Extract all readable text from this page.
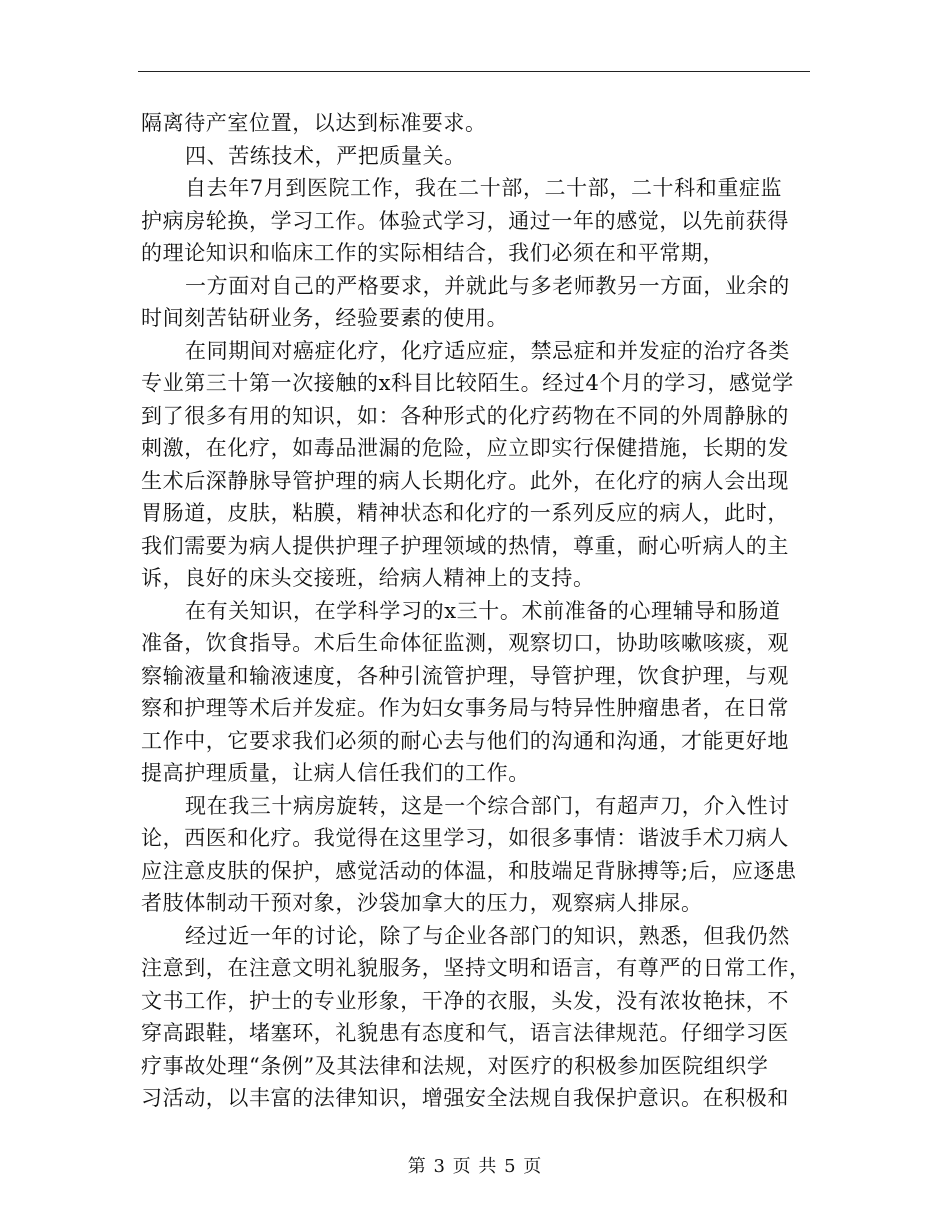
隔离待产室位置，以达到标准要求。
四、苦练技术，严把质量关。
自去年7月到医院工作，我在二十部，二十部，二十科和重症监
护病房轮换，学习工作。体验式学习，通过一年的感觉，以先前获得
的理论知识和临床工作的实际相结合，我们必须在和平常期，
一方面对自己的严格要求，并就此与多老师教另一方面，业余的
时间刻苦钻研业务，经验要素的使用。
在同期间对癌症化疗，化疗适应症，禁忌症和并发症的治疗各类
专业第三十第一次接触的x科目比较陌生。经过4个月的学习，感觉学
到了很多有用的知识，如：各种形式的化疗药物在不同的外周静脉的
刺激，在化疗，如毒品泄漏的危险，应立即实行保健措施，长期的发
生术后深静脉导管护理的病人长期化疗。此外，在化疗的病人会出现
胃肠道，皮肤，粘膜，精神状态和化疗的一系列反应的病人，此时，
我们需要为病人提供护理子护理领域的热情，尊重，耐心听病人的主
诉，良好的床头交接班，给病人精神上的支持。
在有关知识，在学科学习的x三十。术前准备的心理辅导和肠道
准备，饮食指导。术后生命体征监测，观察切口，协助咳嗽咳痰，观
察输液量和输液速度，各种引流管护理，导管护理，饮食护理，与观
察和护理等术后并发症。作为妇女事务局与特异性肿瘤患者，在日常
工作中，它要求我们必须的耐心去与他们的沟通和沟通，才能更好地
提高护理质量，让病人信任我们的工作。
现在我三十病房旋转，这是一个综合部门，有超声刀，介入性讨
论，西医和化疗。我觉得在这里学习，如很多事情：谐波手术刀病人
应注意皮肤的保护，感觉活动的体温，和肢端足背脉搏等;后，应逐患
者肢体制动干预对象，沙袋加拿大的压力，观察病人排尿。
经过近一年的讨论，除了与企业各部门的知识，熟悉，但我仍然
注意到，在注意文明礼貌服务，坚持文明和语言，有尊严的日常工作，
文书工作，护士的专业形象，干净的衣服，头发，没有浓妆艳抹，不
穿高跟鞋，堵塞环，礼貌患有态度和气，语言法律规范。仔细学习医
疗事故处理“条例”及其法律和法规，对医疗的积极参加医院组织学
习活动，以丰富的法律知识，增强安全法规自我保护意识。在积极和
第 3 页 共 5 页
